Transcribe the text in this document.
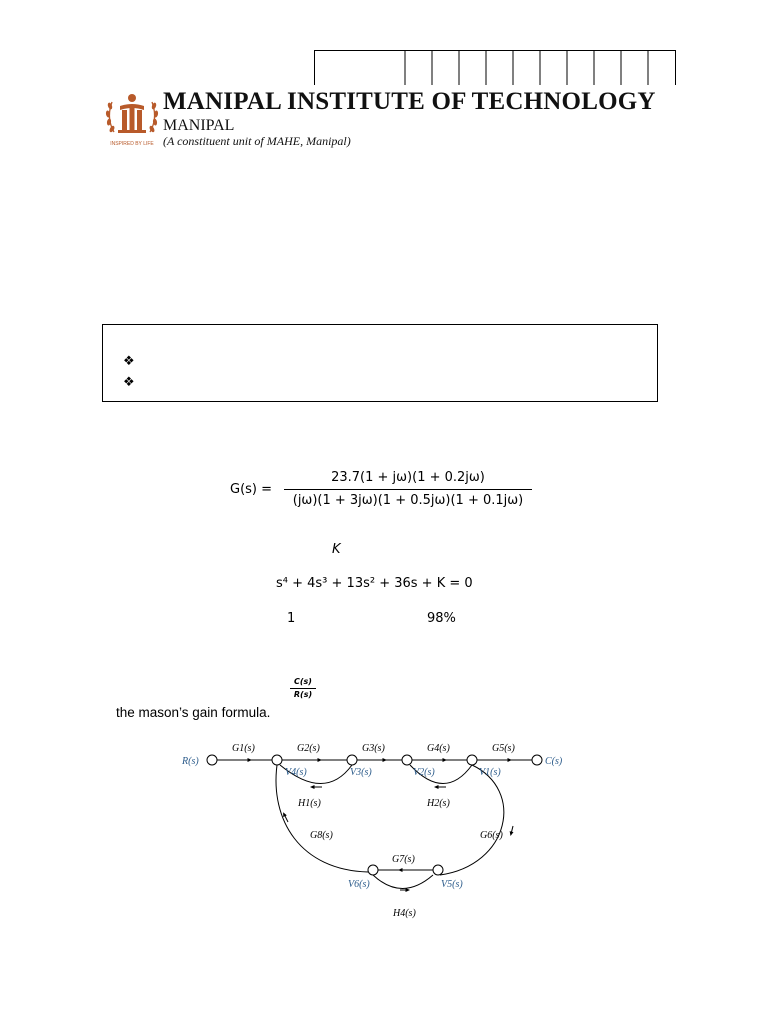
INSPIRED BY LIFE
MANIPAL INSTITUTE OF TECHNOLOGY
MANIPAL
(A constituent unit of MAHE, Manipal)
❖
❖
G(s) =
23.7(1 + jω)(1 + 0.2jω)
(jω)(1 + 3jω)(1 + 0.5jω)(1 + 0.1jω)
K
s⁴ + 4s³ + 13s² + 36s + K = 0
1	98%
C(s)
R(s)
the mason’s gain formula.
R(s)	C(s)
V4(s)	V3(s)	V2(s)	V1(s)
V6(s)	V5(s)
G1(s)	G2(s)	G3(s)	G4(s)	G5(s)
H1(s)	H2(s)
G6(s)
G7(s)
G8(s)
H4(s)
